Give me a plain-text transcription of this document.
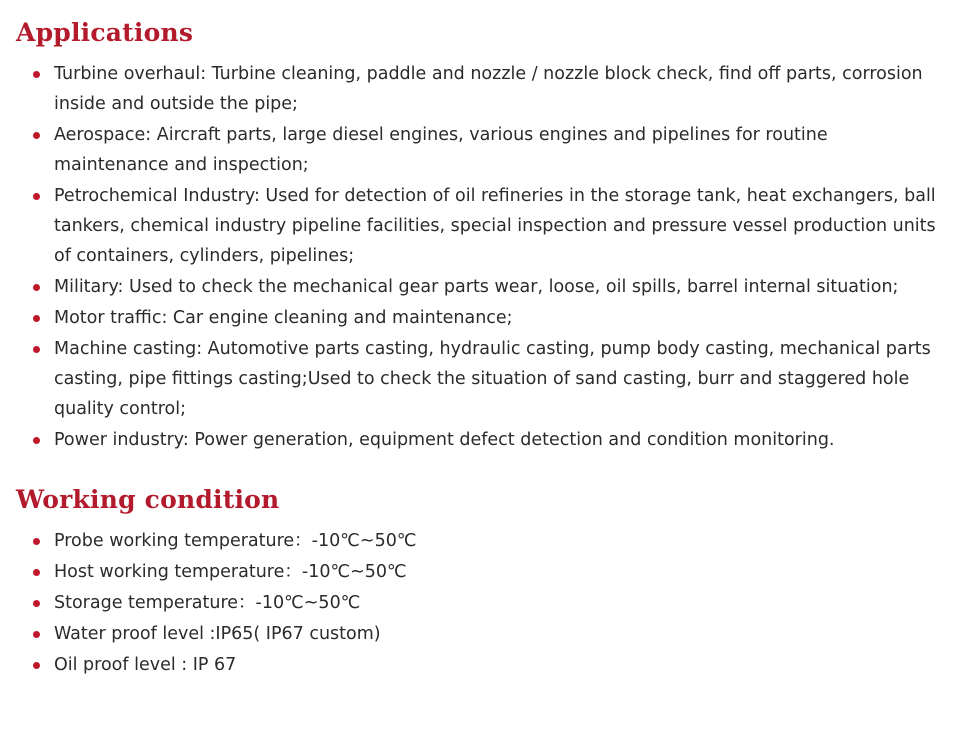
Applications
Turbine overhaul: Turbine cleaning, paddle and nozzle / nozzle block check, find off parts, corrosion inside and outside the pipe;
Aerospace: Aircraft parts, large diesel engines, various engines and pipelines for routine maintenance and inspection;
Petrochemical Industry: Used for detection of oil refineries in the storage tank, heat exchangers, ball tankers, chemical industry pipeline facilities, special inspection and pressure vessel production units of containers, cylinders, pipelines;
Military: Used to check the mechanical gear parts wear, loose, oil spills, barrel internal situation;
Motor traffic: Car engine cleaning and maintenance;
Machine casting: Automotive parts casting, hydraulic casting, pump body casting, mechanical parts casting, pipe fittings casting;Used to check the situation of sand casting, burr and staggered hole quality control;
Power industry: Power generation, equipment defect detection and condition monitoring.
Working condition
Probe working temperature：-10℃~50℃
Host working temperature：-10℃~50℃
Storage temperature：-10℃~50℃
Water proof level :IP65( IP67 custom)
Oil proof level : IP 67
